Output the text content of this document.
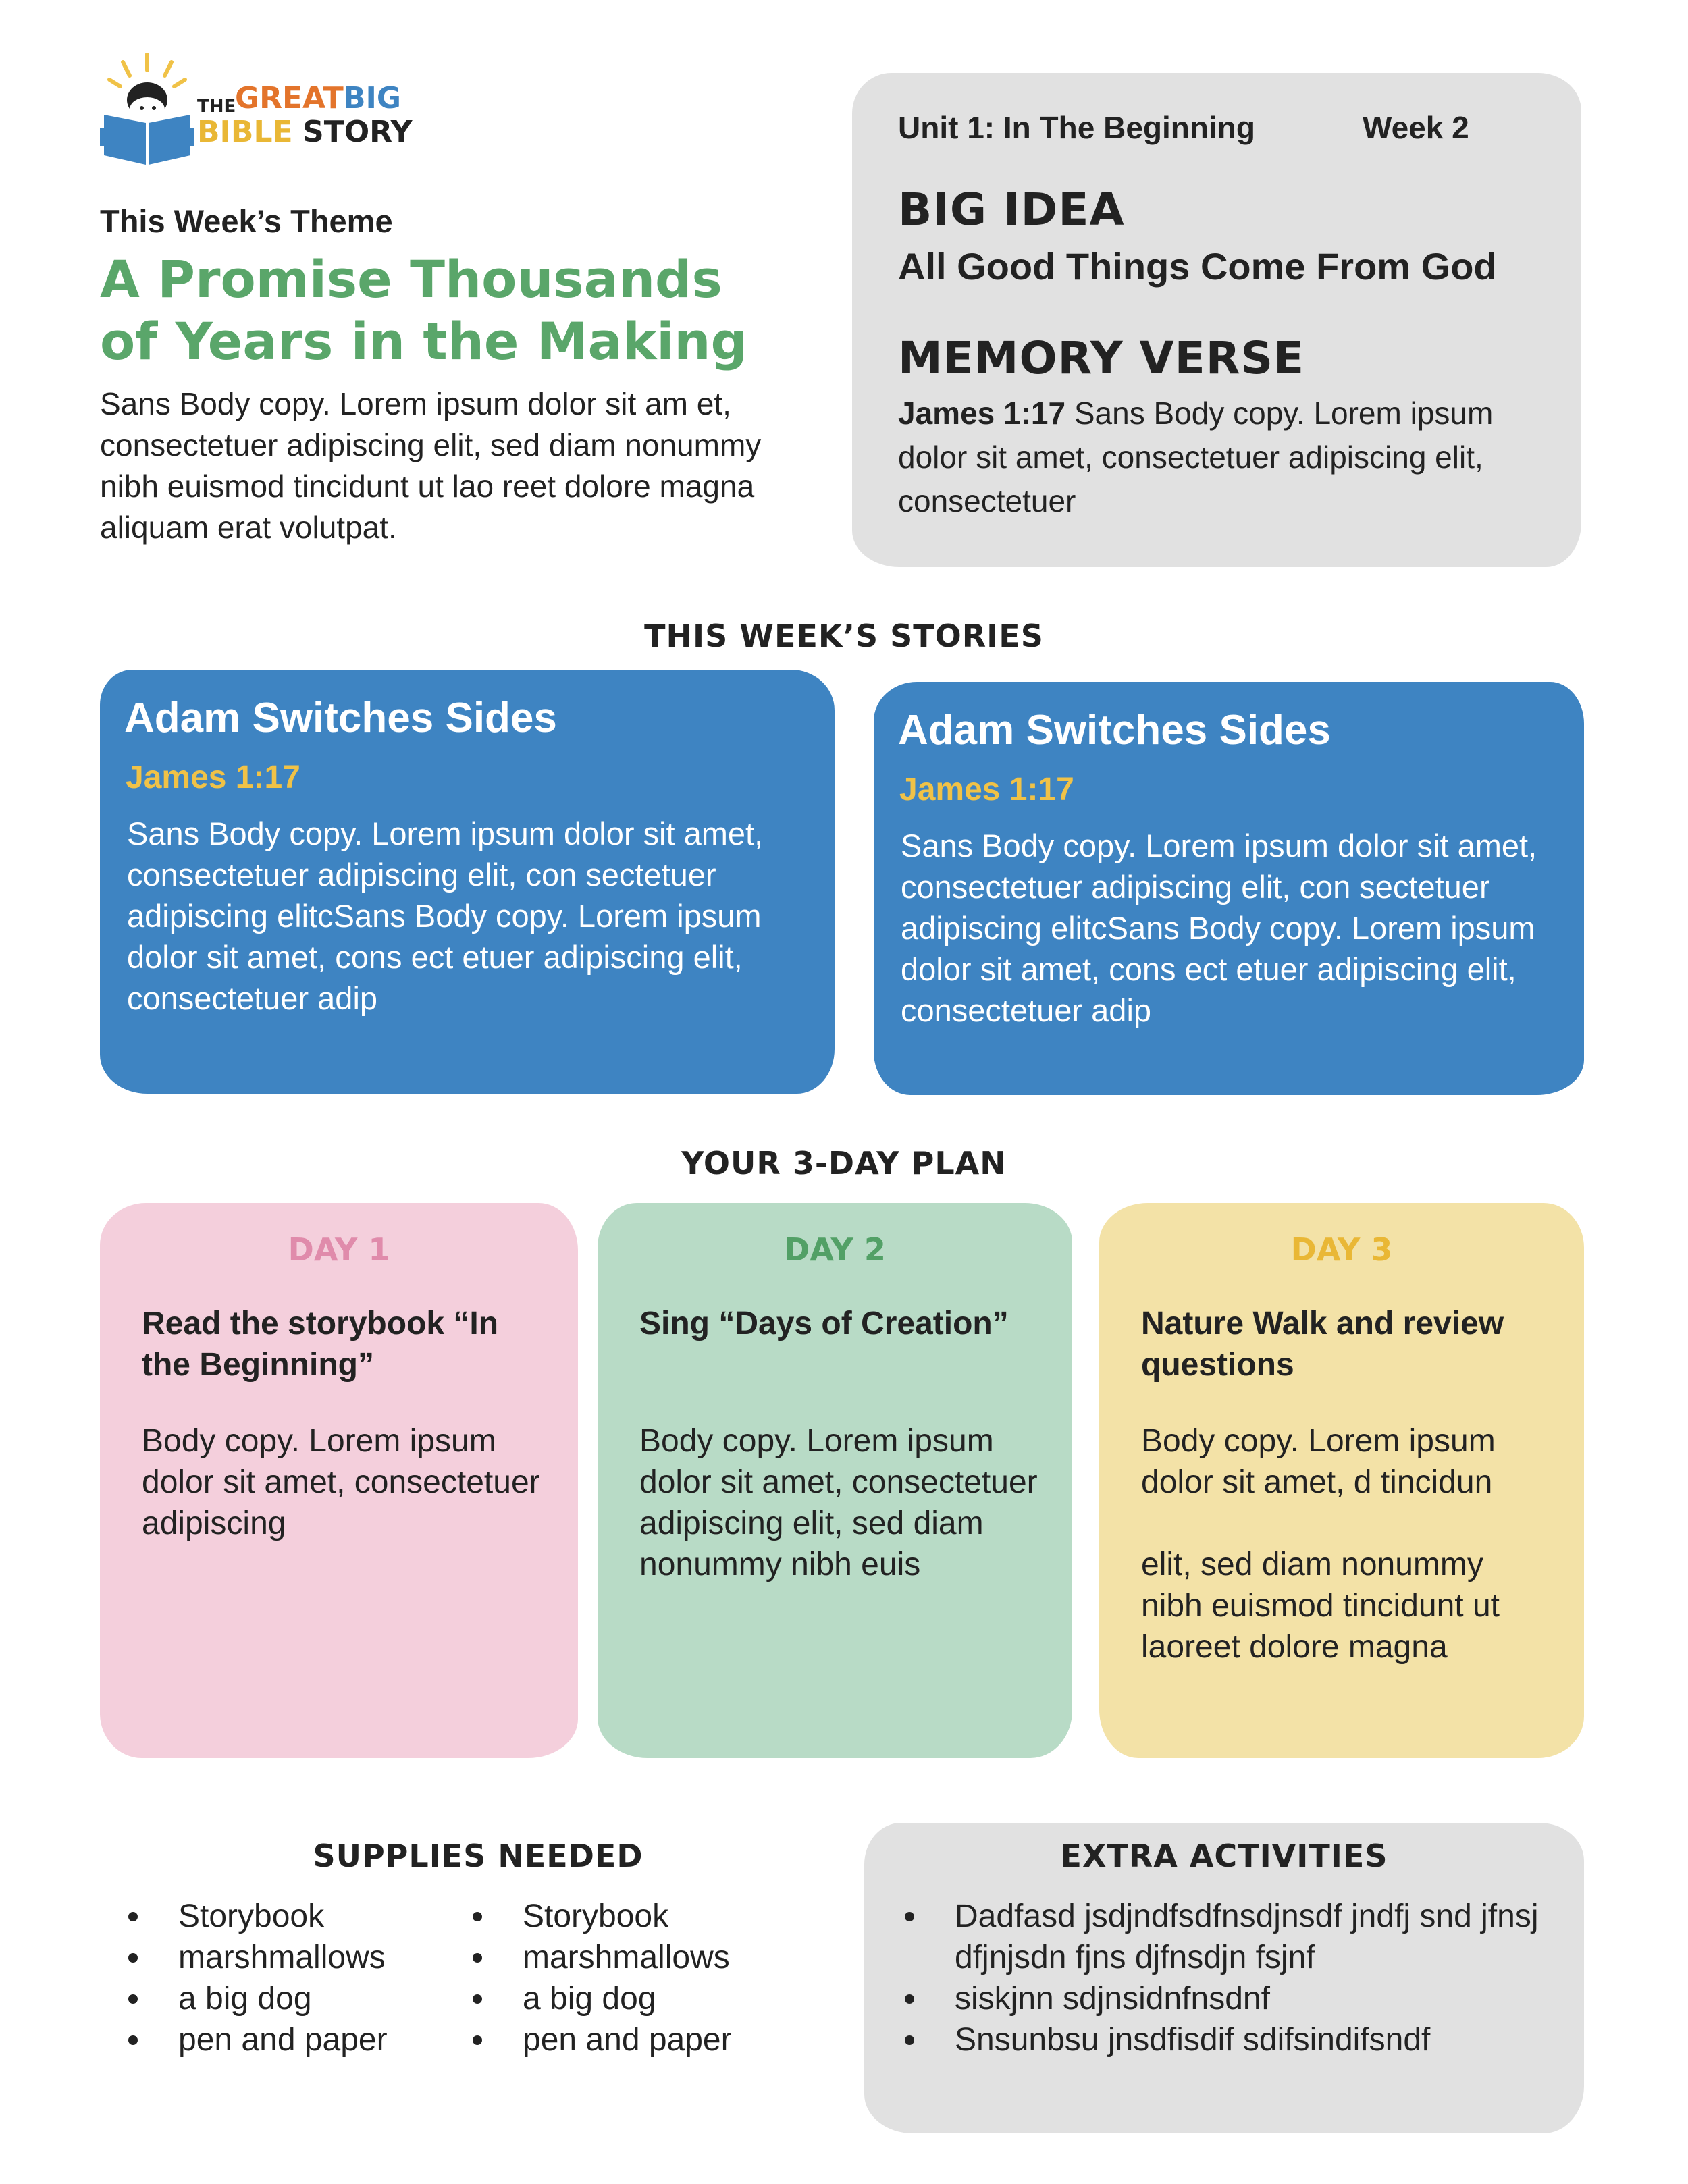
THE
GREAT BIG
BIBLE STORY
This Week’s Theme
A Promise Thousands of Years in the Making
Sans Body copy. Lorem ipsum dolor sit am et, consectetuer adipiscing elit, sed diam nonummy nibh euismod tincidunt ut lao reet dolore magna aliquam erat volutpat.
Unit 1: In The Beginning	Week 2
BIG IDEA
All Good Things Come From God
MEMORY VERSE
James 1:17 Sans Body copy. Lorem ipsum dolor sit amet, consectetuer adipiscing elit, consectetuer
THIS WEEK’S STORIES
Adam Switches Sides
James 1:17
Sans Body copy. Lorem ipsum dolor sit amet, consectetuer adipiscing elit, con sectetuer adipiscing elitcSans Body copy. Lorem ipsum dolor sit amet, cons ect etuer adipiscing elit, consectetuer adip
Adam Switches Sides
James 1:17
Sans Body copy. Lorem ipsum dolor sit amet, consectetuer adipiscing elit, con sectetuer adipiscing elitcSans Body copy. Lorem ipsum dolor sit amet, cons ect etuer adipiscing elit, consectetuer adip
YOUR 3-DAY PLAN
DAY 1
Read the storybook “In the Beginning”
Body copy. Lorem ipsum dolor sit amet, consectetuer adipiscing
DAY 2
Sing “Days of Creation”
Body copy. Lorem ipsum dolor sit amet, consectetuer adipiscing elit, sed diam nonummy nibh euis
DAY 3
Nature Walk and review questions
Body copy. Lorem ipsum dolor sit amet, d tincidun

elit, sed diam nonummy nibh euismod tincidunt ut laoreet dolore magna
SUPPLIES NEEDED
Storybook
marshmallows
a big dog
pen and paper
Storybook
marshmallows
a big dog
pen and paper
EXTRA ACTIVITIES
Dadfasd jsdjndfsdfnsdjnsdf jndfj snd jfnsj dfjnjsdn fjns djfnsdjn fsjnf
siskjnn sdjnsidnfnsdnf
Snsunbsu jnsdfisdif sdifsindifsndf
